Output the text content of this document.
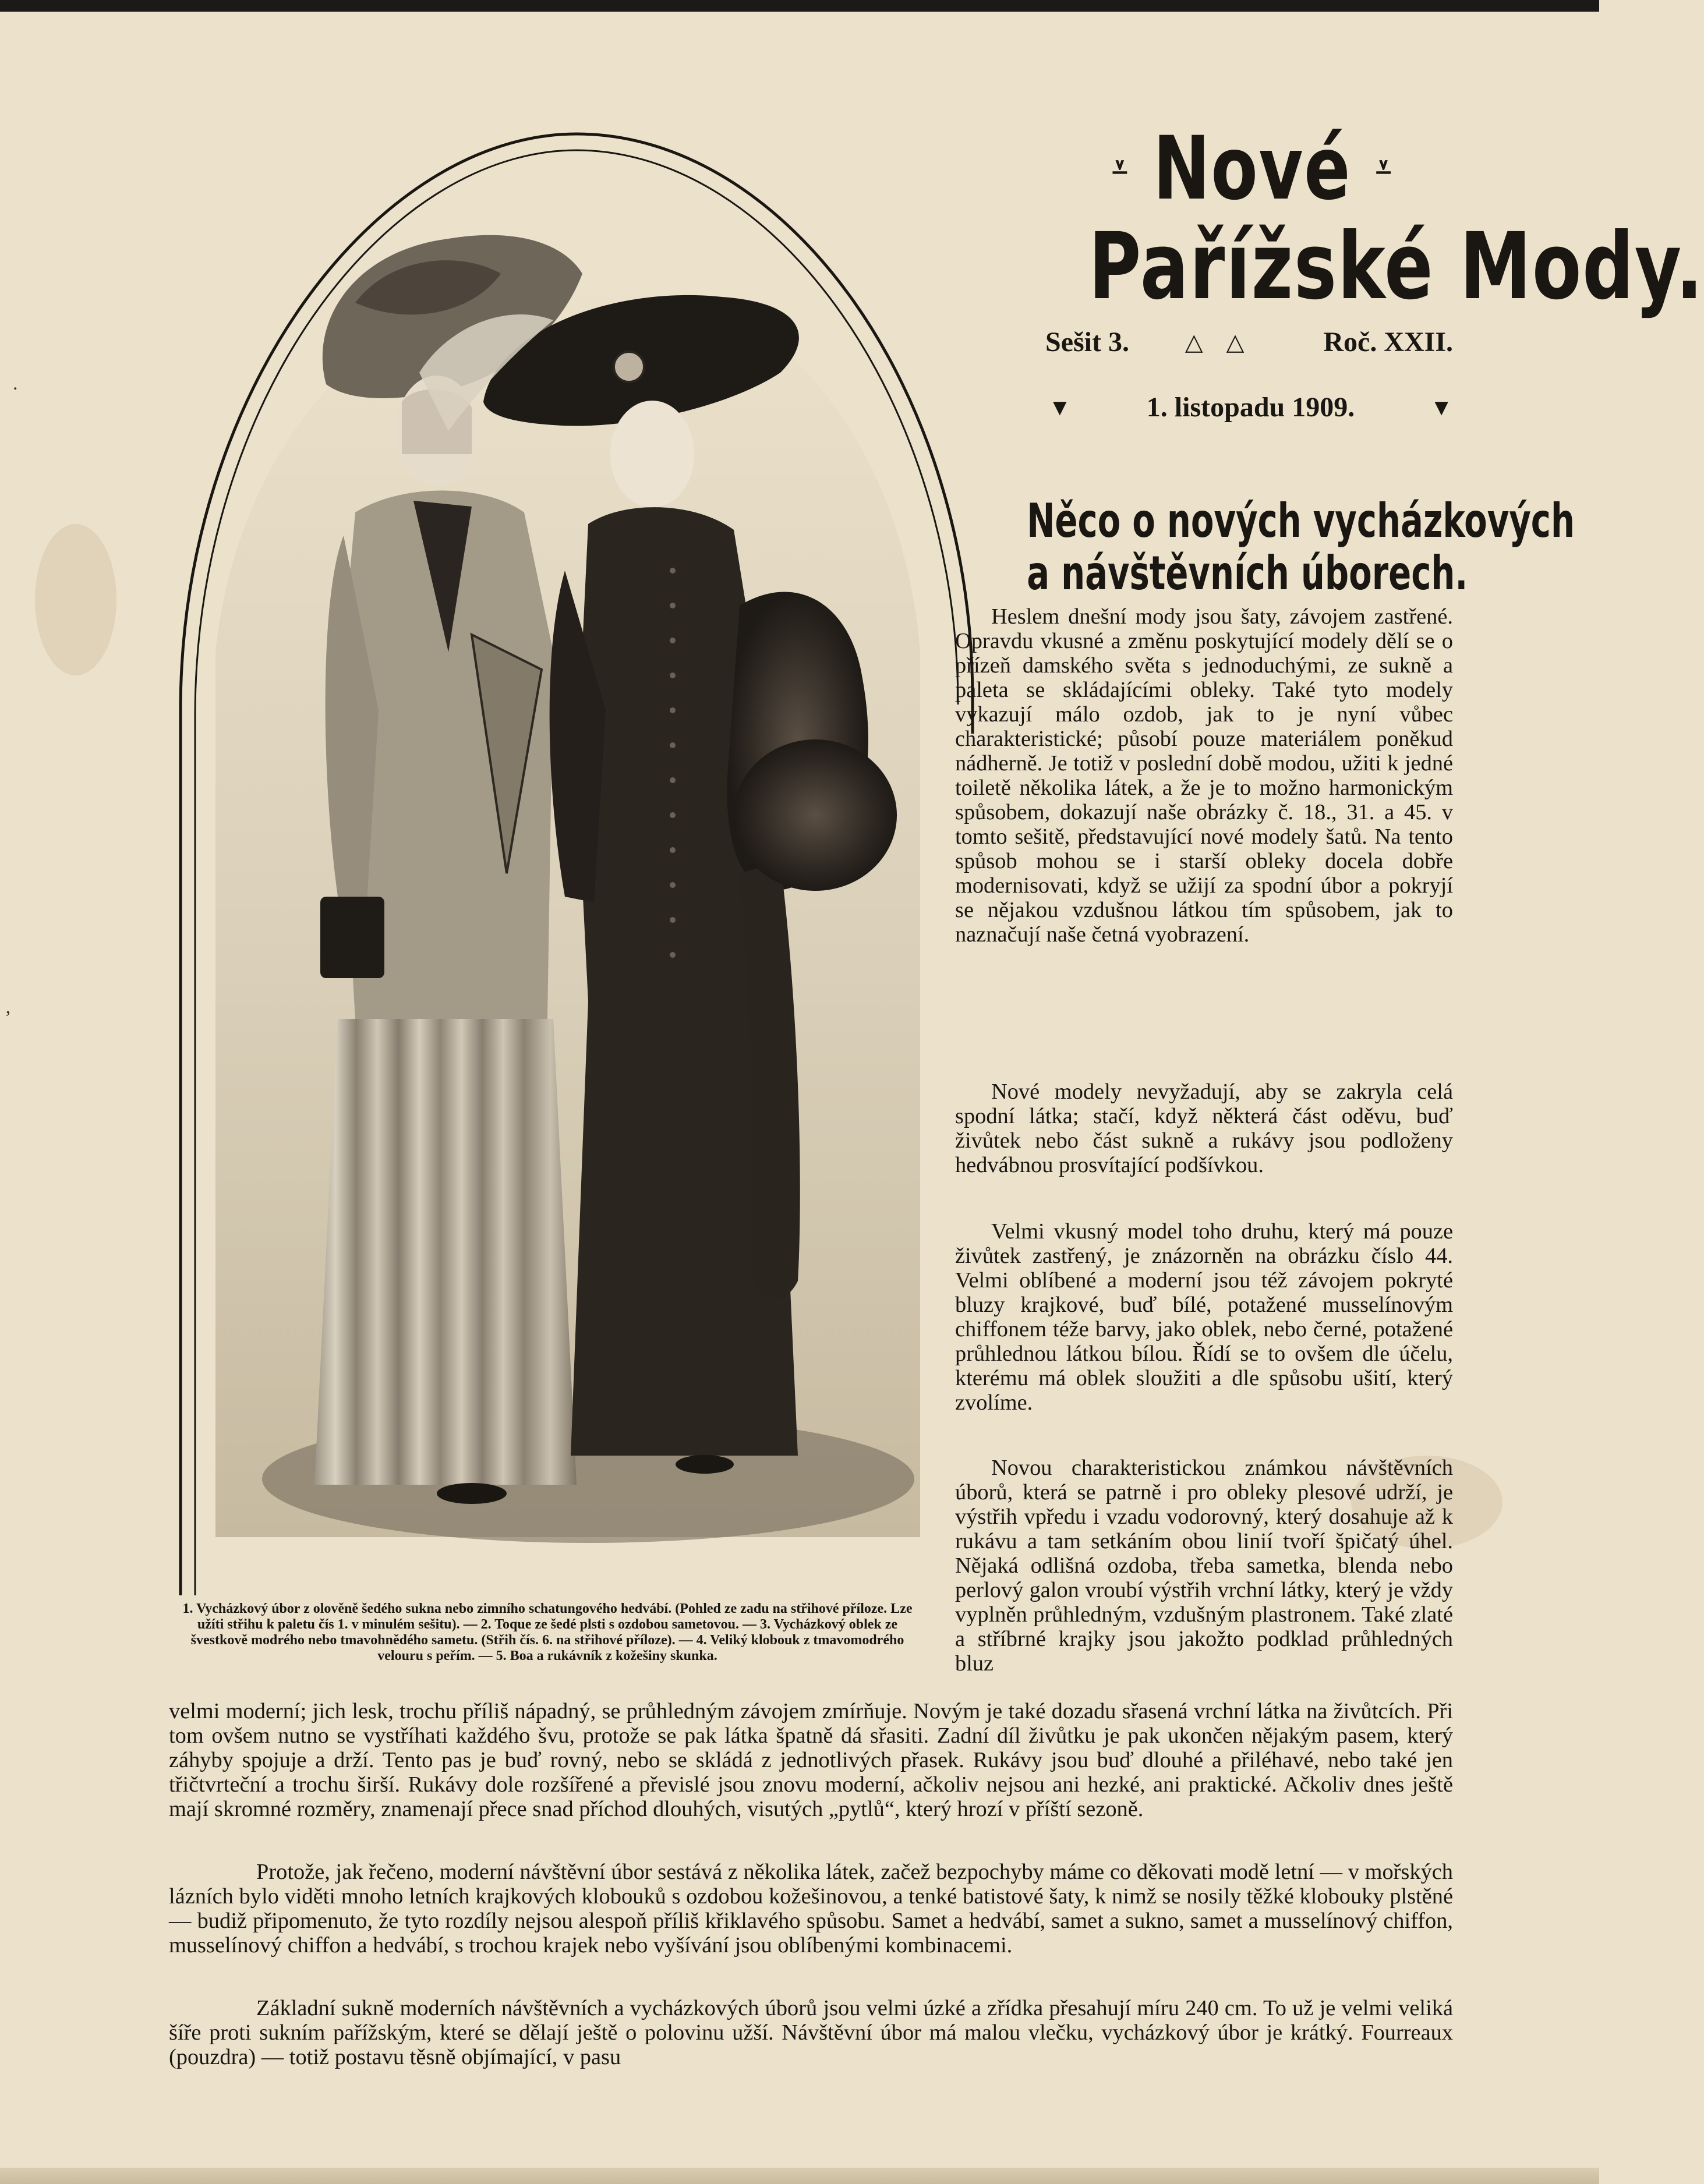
.
ʼ
⩡ Nové ⩡
Pařížské Mody.
Sešit 3. △△ Roč. XXII.
▼	1. listopadu 1909.	▼
1. Vycházkový úbor z olověně šedého sukna nebo zimního schatungového hedvábí. (Pohled ze zadu na střihové příloze. Lze užíti střihu k paletu čís 1. v minulém sešitu). — 2. Toque ze šedé plsti s ozdobou sametovou. — 3. Vycházkový oblek ze švestkově modrého nebo tmavohnědého sametu. (Střih čís. 6. na střihové příloze). — 4. Veliký klobouk z tmavomodrého velouru s peřím. — 5. Boa a rukávník z kožešiny skunka.
Něco o nových vycházkových
a návštěvních úborech.
Heslem dnešní mody jsou šaty, závojem zastřené. Opravdu vkusné a změnu poskytující modely dělí se o přízeň damského světa s jednoduchými, ze sukně a paleta se skládajícími obleky. Také tyto modely vykazují málo ozdob, jak to je nyní vůbec charakteristické; působí pouze materiálem poněkud nádherně. Je totiž v poslední době modou, užiti k jedné toiletě několika látek, a že je to možno harmonickým spůsobem, dokazují naše obrázky č. 18., 31. a 45. v tomto sešitě, představující nové modely šatů. Na tento spůsob mohou se i starší obleky docela dobře modernisovati, když se užijí za spodní úbor a pokryjí se nějakou vzdušnou látkou tím spůsobem, jak to naznačují naše četná vyobrazení.
Nové modely nevyžadují, aby se zakryla celá spodní látka; stačí, když některá část oděvu, buď živůtek nebo část sukně a rukávy jsou podloženy hedvábnou prosvítající podšívkou.
Velmi vkusný model toho druhu, který má pouze živůtek zastřený, je znázorněn na obrázku číslo 44. Velmi oblíbené a moderní jsou též závojem pokryté bluzy krajkové, buď bílé, potažené musselínovým chiffonem téže barvy, jako oblek, nebo černé, potažené průhlednou látkou bílou. Řídí se to ovšem dle účelu, kterému má oblek sloužiti a dle spůsobu ušití, který zvolíme.
Novou charakteristickou známkou návštěvních úborů, která se patrně i pro obleky plesové udrží, je výstřih vpředu i vzadu vodorovný, který dosahuje až k rukávu a tam setkáním obou linií tvoří špičatý úhel. Nějaká odlišná ozdoba, třeba sametka, blenda nebo perlový galon vroubí výstřih vrchní látky, který je vždy vyplněn průhledným, vzdušným plastronem. Také zlaté a stříbrné krajky jsou jakožto podklad průhledných bluz
velmi moderní; jich lesk, trochu příliš nápadný, se průhledným závojem zmírňuje. Novým je také dozadu sřasená vrchní látka na živůtcích. Při tom ovšem nutno se vystříhati každého švu, protože se pak látka špatně dá sřasiti. Zadní díl živůtku je pak ukončen nějakým pasem, který záhyby spojuje a drží. Tento pas je buď rovný, nebo se skládá z jednotlivých přasek. Rukávy jsou buď dlouhé a přiléhavé, nebo také jen třičtvrteční a trochu širší. Rukávy dole rozšířené a převislé jsou znovu moderní, ačkoliv nejsou ani hezké, ani praktické. Ačkoliv dnes ještě mají skromné rozměry, znamenají přece snad příchod dlouhých, visutých „pytlů“, který hrozí v příští sezoně.
Protože, jak řečeno, moderní návštěvní úbor sestává z několika látek, začež bezpochyby máme co děkovati modě letní — v mořských lázních bylo viděti mnoho letních krajkových klobouků s ozdobou kožešinovou, a tenké batistové šaty, k nimž se nosily těžké klobouky plstěné — budiž připomenuto, že tyto rozdíly nejsou alespoň příliš křiklavého spůsobu. Samet a hedvábí, samet a sukno, samet a musselínový chiffon, musselínový chiffon a hedvábí, s trochou krajek nebo vyšívání jsou oblíbenými kombinacemi.
Základní sukně moderních návštěvních a vycházkových úborů jsou velmi úzké a zřídka přesahují míru 240 cm. To už je velmi veliká šíře proti sukním pařížským, které se dělají ještě o polovinu užší. Návštěvní úbor má malou vlečku, vycházkový úbor je krátký. Fourreaux (pouzdra) — totiž postavu těsně objímající, v pasu
